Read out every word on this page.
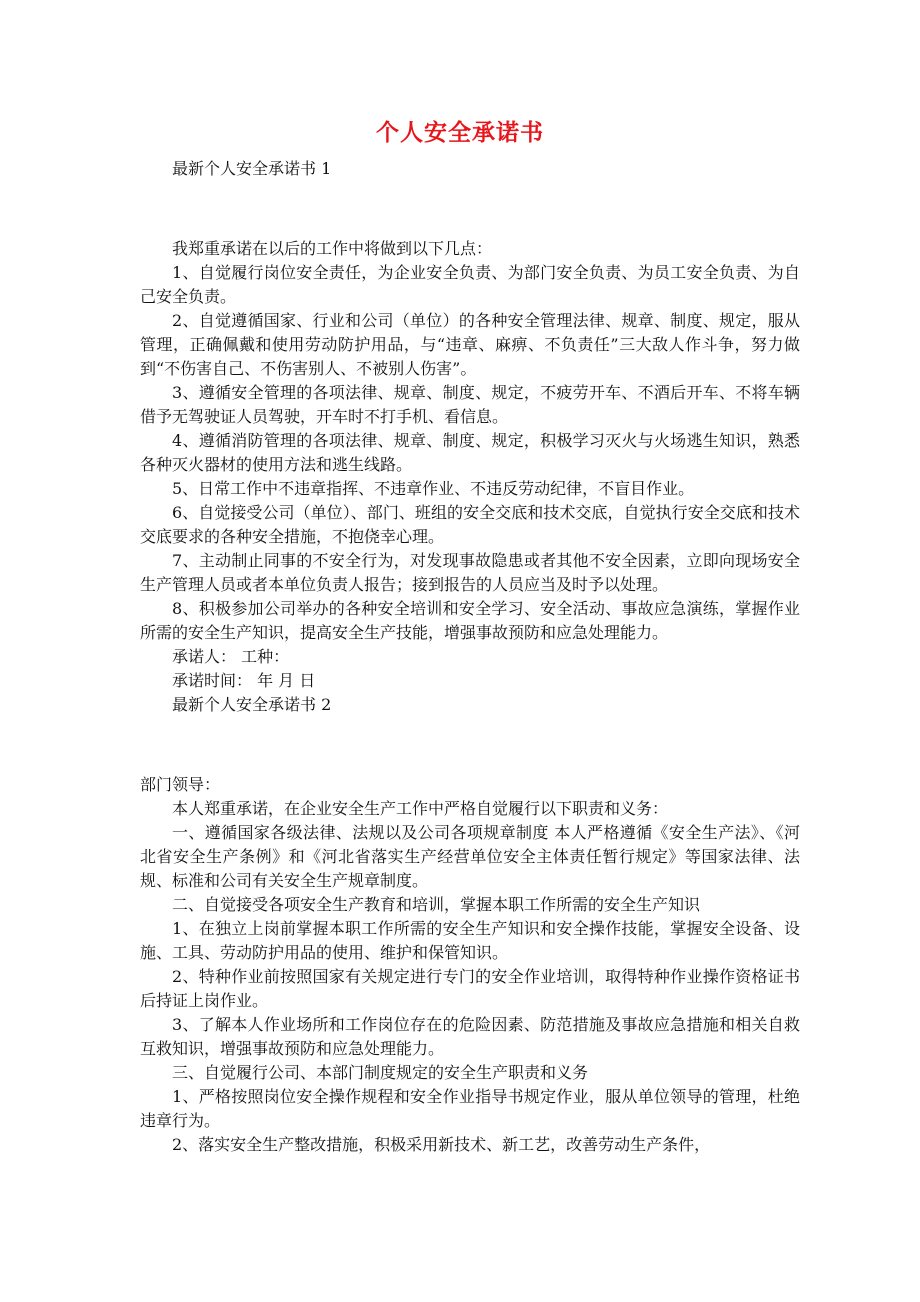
个人安全承诺书

最新个人安全承诺书 1

我郑重承诺在以后的工作中将做到以下几点：

1、自觉履行岗位安全责任，为企业安全负责、为部门安全负责、为员工安全负责、为自己安全负责。

2、自觉遵循国家、行业和公司（单位）的各种安全管理法律、规章、制度、规定，服从管理，正确佩戴和使用劳动防护用品，与“违章、麻痹、不负责任”三大敌人作斗争，努力做到“不伤害自己、不伤害别人、不被别人伤害”。

3、遵循安全管理的各项法律、规章、制度、规定，不疲劳开车、不酒后开车、不将车辆借予无驾驶证人员驾驶，开车时不打手机、看信息。

4、遵循消防管理的各项法律、规章、制度、规定，积极学习灭火与火场逃生知识，熟悉各种灭火器材的使用方法和逃生线路。

5、日常工作中不违章指挥、不违章作业、不违反劳动纪律，不盲目作业。

6、自觉接受公司（单位）、部门、班组的安全交底和技术交底，自觉执行安全交底和技术交底要求的各种安全措施，不抱侥幸心理。

7、主动制止同事的不安全行为，对发现事故隐患或者其他不安全因素，立即向现场安全生产管理人员或者本单位负责人报告；接到报告的人员应当及时予以处理。

8、积极参加公司举办的各种安全培训和安全学习、安全活动、事故应急演练，掌握作业所需的安全生产知识，提高安全生产技能，增强事故预防和应急处理能力。

承诺人： 工种：

承诺时间： 年 月 日

最新个人安全承诺书 2

部门领导：

本人郑重承诺，在企业安全生产工作中严格自觉履行以下职责和义务：

一、遵循国家各级法律、法规以及公司各项规章制度 本人严格遵循《安全生产法》、《河北省安全生产条例》和《河北省落实生产经营单位安全主体责任暂行规定》等国家法律、法规、标准和公司有关安全生产规章制度。

二、自觉接受各项安全生产教育和培训，掌握本职工作所需的安全生产知识

1、在独立上岗前掌握本职工作所需的安全生产知识和安全操作技能，掌握安全设备、设施、工具、劳动防护用品的使用、维护和保管知识。

2、特种作业前按照国家有关规定进行专门的安全作业培训，取得特种作业操作资格证书后持证上岗作业。

3、了解本人作业场所和工作岗位存在的危险因素、防范措施及事故应急措施和相关自救互救知识，增强事故预防和应急处理能力。

三、自觉履行公司、本部门制度规定的安全生产职责和义务

1、严格按照岗位安全操作规程和安全作业指导书规定作业，服从单位领导的管理，杜绝违章行为。

2、落实安全生产整改措施，积极采用新技术、新工艺，改善劳动生产条件，
